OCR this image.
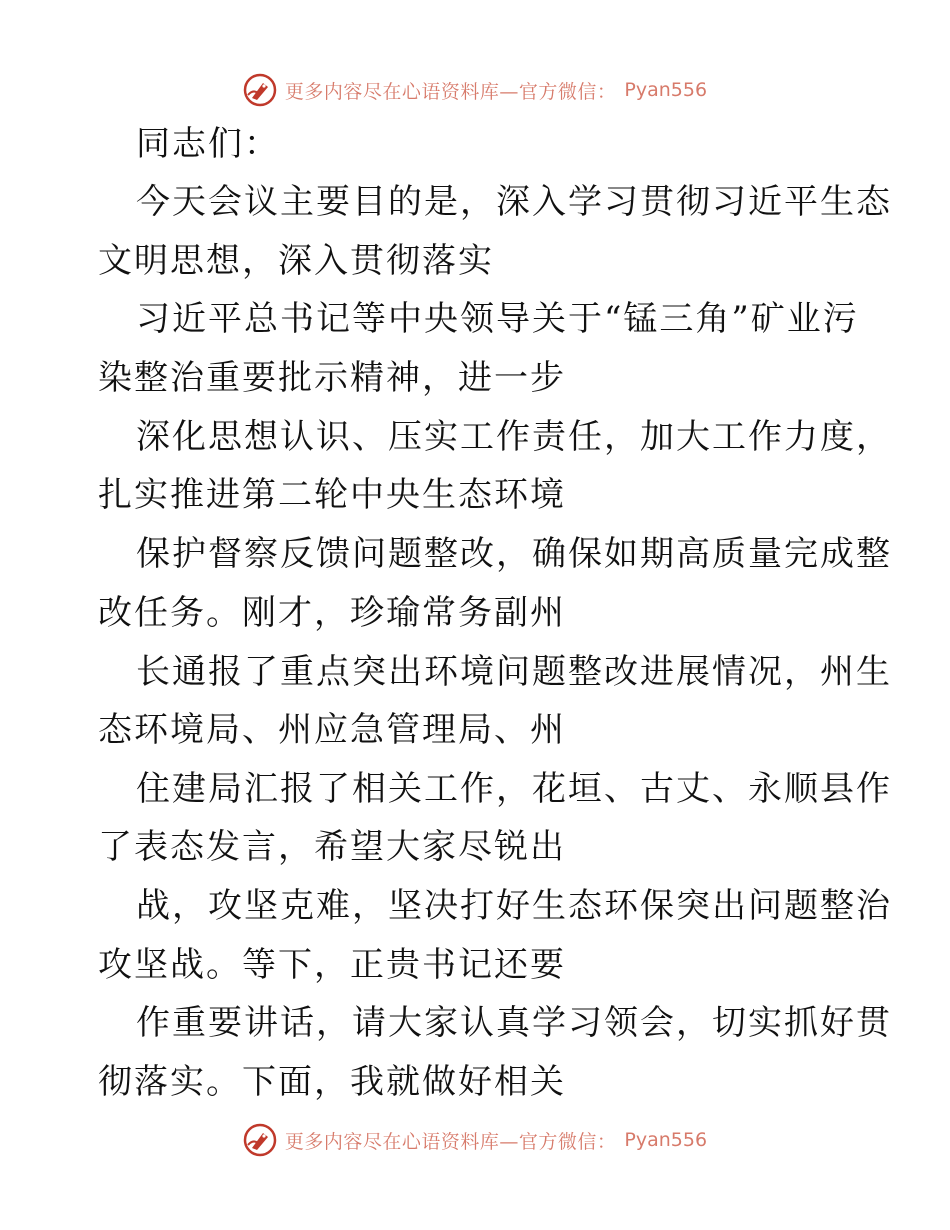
更多内容尽在心语资料库—官方微信： Pyan556
同志们：
今天会议主要目的是，深入学习贯彻习近平生态
文明思想，深入贯彻落实
习近平总书记等中央领导关于“锰三角”矿业污
染整治重要批示精神，进一步
深化思想认识、压实工作责任，加大工作力度，
扎实推进第二轮中央生态环境
保护督察反馈问题整改，确保如期高质量完成整
改任务。刚才，珍瑜常务副州
长通报了重点突出环境问题整改进展情况，州生
态环境局、州应急管理局、州
住建局汇报了相关工作，花垣、古丈、永顺县作
了表态发言，希望大家尽锐出
战，攻坚克难，坚决打好生态环保突出问题整治
攻坚战。等下，正贵书记还要
作重要讲话，请大家认真学习领会，切实抓好贯
彻落实。下面，我就做好相关
更多内容尽在心语资料库—官方微信： Pyan556
